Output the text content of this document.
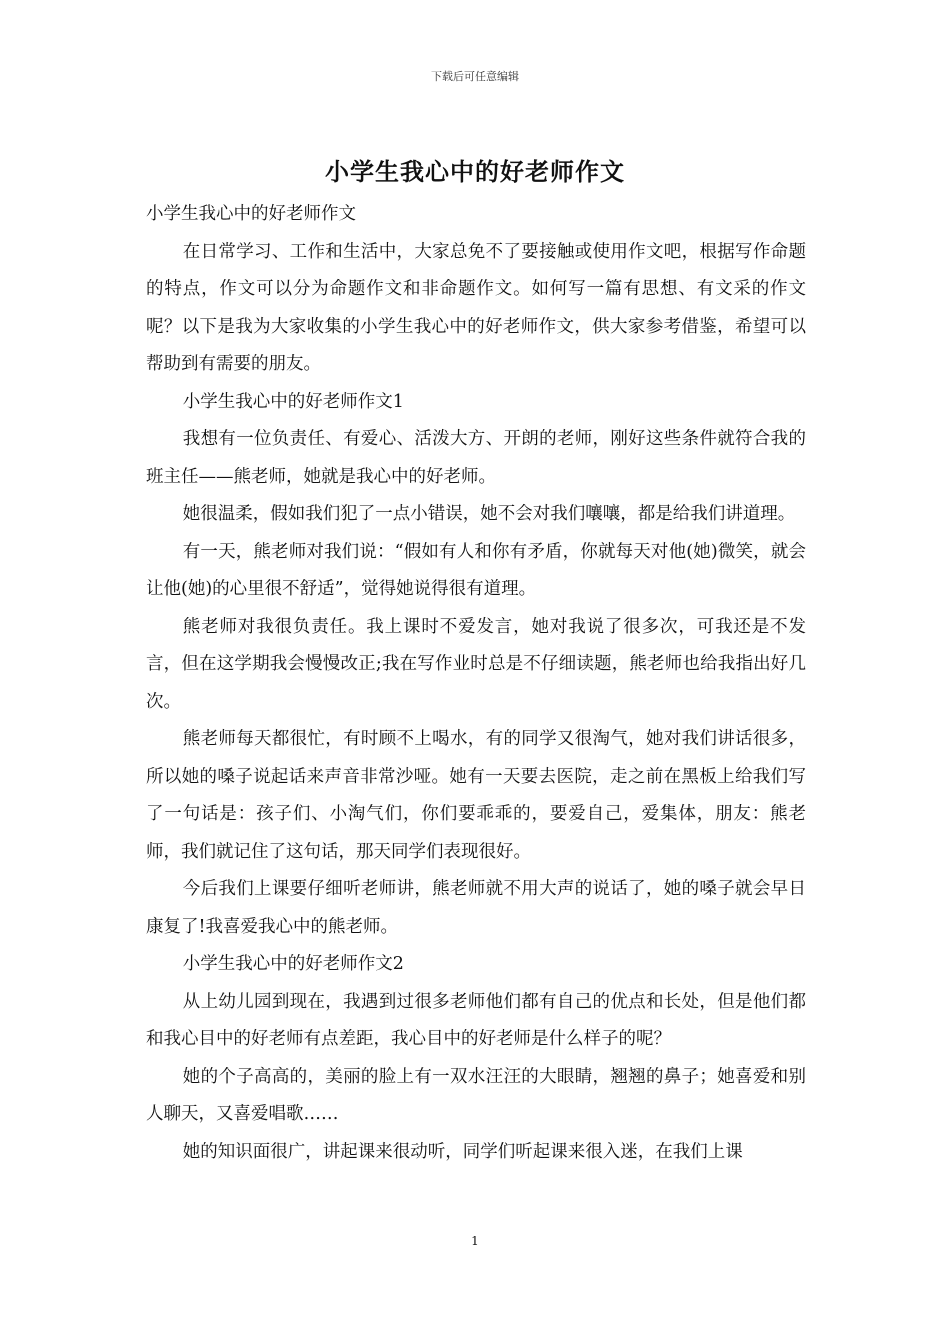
下载后可任意编辑
小学生我心中的好老师作文

小学生我心中的好老师作文

在日常学习、工作和生活中，大家总免不了要接触或使用作文吧，根据写作命题的特点，作文可以分为命题作文和非命题作文。如何写一篇有思想、有文采的作文呢？以下是我为大家收集的小学生我心中的好老师作文，供大家参考借鉴，希望可以帮助到有需要的朋友。

小学生我心中的好老师作文1

我想有一位负责任、有爱心、活泼大方、开朗的老师，刚好这些条件就符合我的班主任——熊老师，她就是我心中的好老师。

她很温柔，假如我们犯了一点小错误，她不会对我们嚷嚷，都是给我们讲道理。

有一天，熊老师对我们说：“假如有人和你有矛盾，你就每天对他(她)微笑，就会让他(她)的心里很不舒适”，觉得她说得很有道理。

熊老师对我很负责任。我上课时不爱发言，她对我说了很多次，可我还是不发言，但在这学期我会慢慢改正;我在写作业时总是不仔细读题，熊老师也给我指出好几次。

熊老师每天都很忙，有时顾不上喝水，有的同学又很淘气，她对我们讲话很多，所以她的嗓子说起话来声音非常沙哑。她有一天要去医院，走之前在黑板上给我们写了一句话是：孩子们、小淘气们，你们要乖乖的，要爱自己，爱集体，朋友：熊老师，我们就记住了这句话，那天同学们表现很好。

今后我们上课要仔细听老师讲，熊老师就不用大声的说话了，她的嗓子就会早日康复了!我喜爱我心中的熊老师。

小学生我心中的好老师作文2

从上幼儿园到现在，我遇到过很多老师他们都有自己的优点和长处，但是他们都和我心目中的好老师有点差距，我心目中的好老师是什么样子的呢？

她的个子高高的，美丽的脸上有一双水汪汪的大眼睛，翘翘的鼻子；她喜爱和别人聊天，又喜爱唱歌……

她的知识面很广，讲起课来很动听，同学们听起课来很入迷，在我们上课

1
